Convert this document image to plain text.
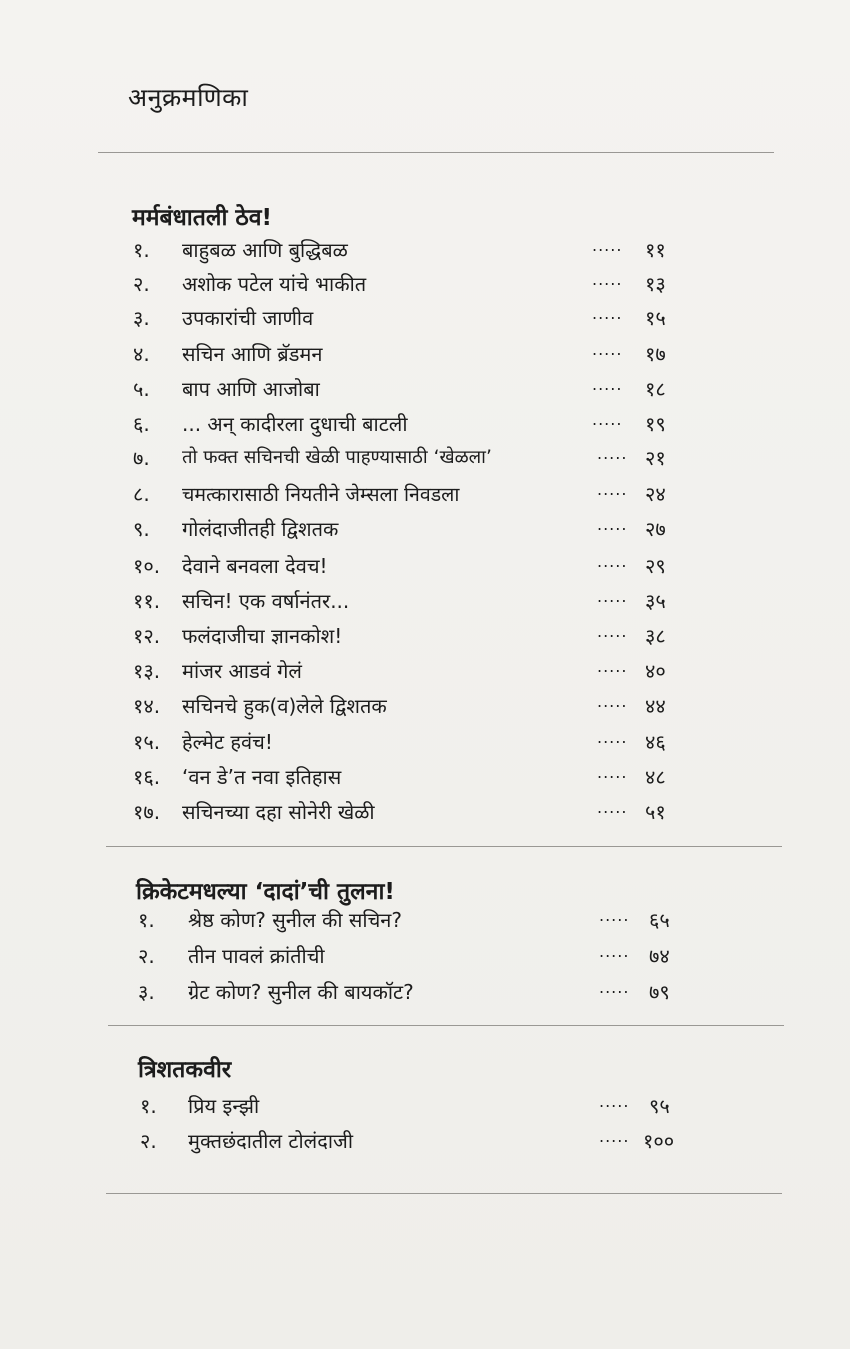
अनुक्रमणिका
मर्मबंधातली ठेव!
१. बाहुबळ आणि बुद्धिबळ	..... ११
२. अशोक पटेल यांचे भाकीत	..... १३
३. उपकारांची जाणीव	..... १५
४. सचिन आणि ब्रॅडमन	..... १७
५. बाप आणि आजोबा	..... १८
६. ... अन् कादीरला दुधाची बाटली	..... १९
७. तो फक्त सचिनची खेळी पाहण्यासाठी ‘खेळला’	..... २१
८. चमत्कारासाठी नियतीने जेम्सला निवडला	..... २४
९. गोलंदाजीतही द्विशतक	..... २७
१०. देवाने बनवला देवच!	..... २९
११. सचिन! एक वर्षानंतर...	..... ३५
१२. फलंदाजीचा ज्ञानकोश!	..... ३८
१३. मांजर आडवं गेलं	..... ४०
१४. सचिनचे हुक(व)लेले द्विशतक	..... ४४
१५. हेल्मेट हवंच!	..... ४६
१६. ‘वन डे’त नवा इतिहास	..... ४८
१७. सचिनच्या दहा सोनेरी खेळी	..... ५१
क्रिकेटमधल्या ‘दादां’ची तुलना!
१. श्रेष्ठ कोण? सुनील की सचिन?	..... ६५
२. तीन पावलं क्रांतीची	..... ७४
३. ग्रेट कोण? सुनील की बायकॉट?	..... ७९
त्रिशतकवीर
१. प्रिय इन्झी	..... ९५
२. मुक्तछंदातील टोलंदाजी	..... १००
